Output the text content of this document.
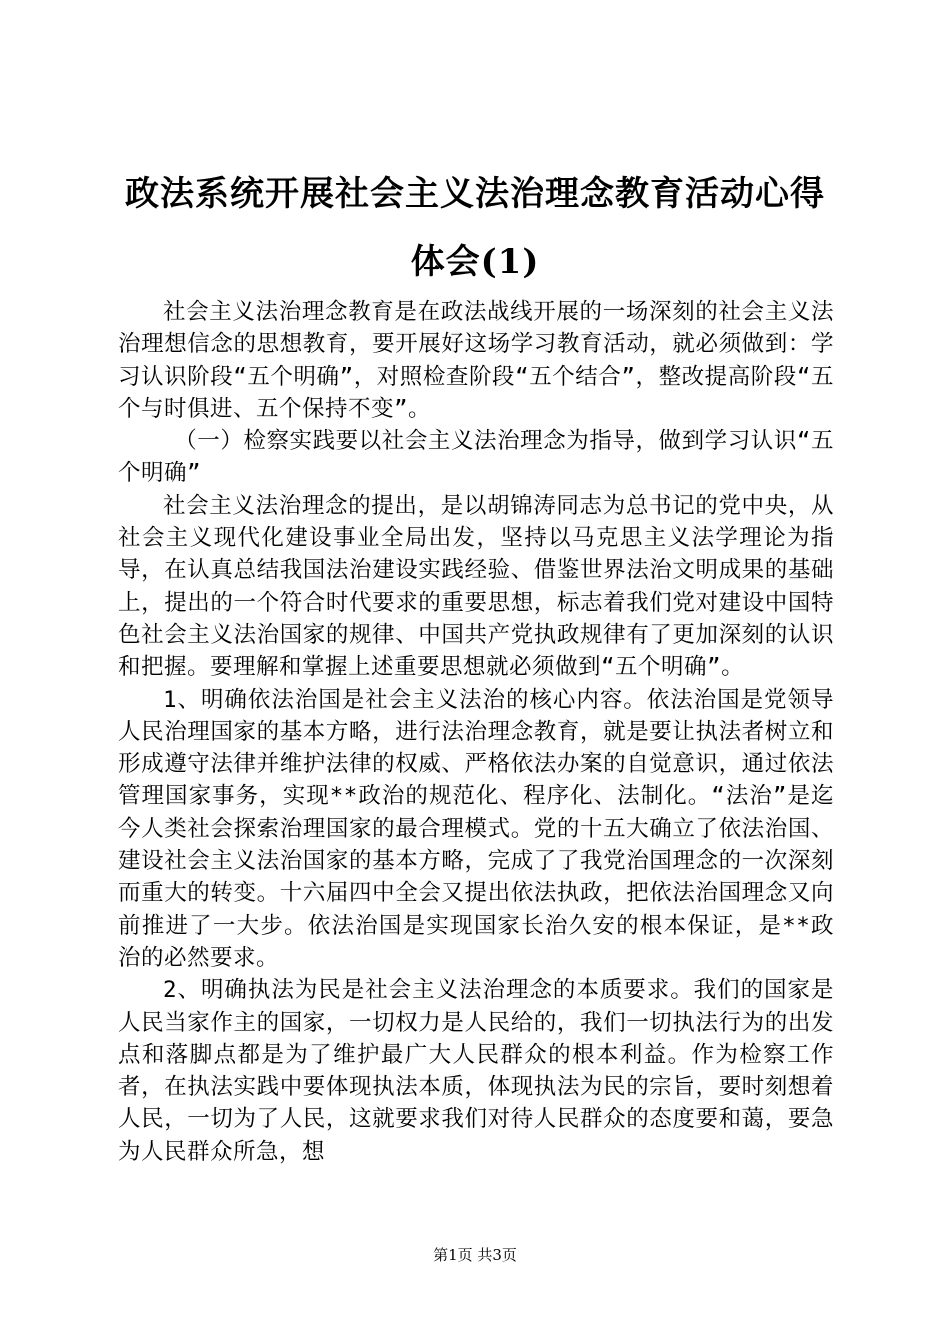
政法系统开展社会主义法治理念教育活动心得体会(1)

社会主义法治理念教育是在政法战线开展的一场深刻的社会主义法治理想信念的思想教育，要开展好这场学习教育活动，就必须做到：学习认识阶段“五个明确”，对照检查阶段“五个结合”，整改提高阶段“五个与时俱进、五个保持不变”。

（一）检察实践要以社会主义法治理念为指导，做到学习认识“五个明确”

社会主义法治理念的提出，是以胡锦涛同志为总书记的党中央，从社会主义现代化建设事业全局出发，坚持以马克思主义法学理论为指导，在认真总结我国法治建设实践经验、借鉴世界法治文明成果的基础上，提出的一个符合时代要求的重要思想，标志着我们党对建设中国特色社会主义法治国家的规律、中国共产党执政规律有了更加深刻的认识和把握。要理解和掌握上述重要思想就必须做到“五个明确”。

1、明确依法治国是社会主义法治的核心内容。依法治国是党领导人民治理国家的基本方略，进行法治理念教育，就是要让执法者树立和形成遵守法律并维护法律的权威、严格依法办案的自觉意识，通过依法管理国家事务，实现**政治的规范化、程序化、法制化。“法治”是迄今人类社会探索治理国家的最合理模式。党的十五大确立了依法治国、建设社会主义法治国家的基本方略，完成了了我党治国理念的一次深刻而重大的转变。十六届四中全会又提出依法执政，把依法治国理念又向前推进了一大步。依法治国是实现国家长治久安的根本保证，是**政治的必然要求。

2、明确执法为民是社会主义法治理念的本质要求。我们的国家是人民当家作主的国家，一切权力是人民给的，我们一切执法行为的出发点和落脚点都是为了维护最广大人民群众的根本利益。作为检察工作者，在执法实践中要体现执法本质，体现执法为民的宗旨，要时刻想着人民，一切为了人民，这就要求我们对待人民群众的态度要和蔼，要急为人民群众所急，想

第1页 共3页
